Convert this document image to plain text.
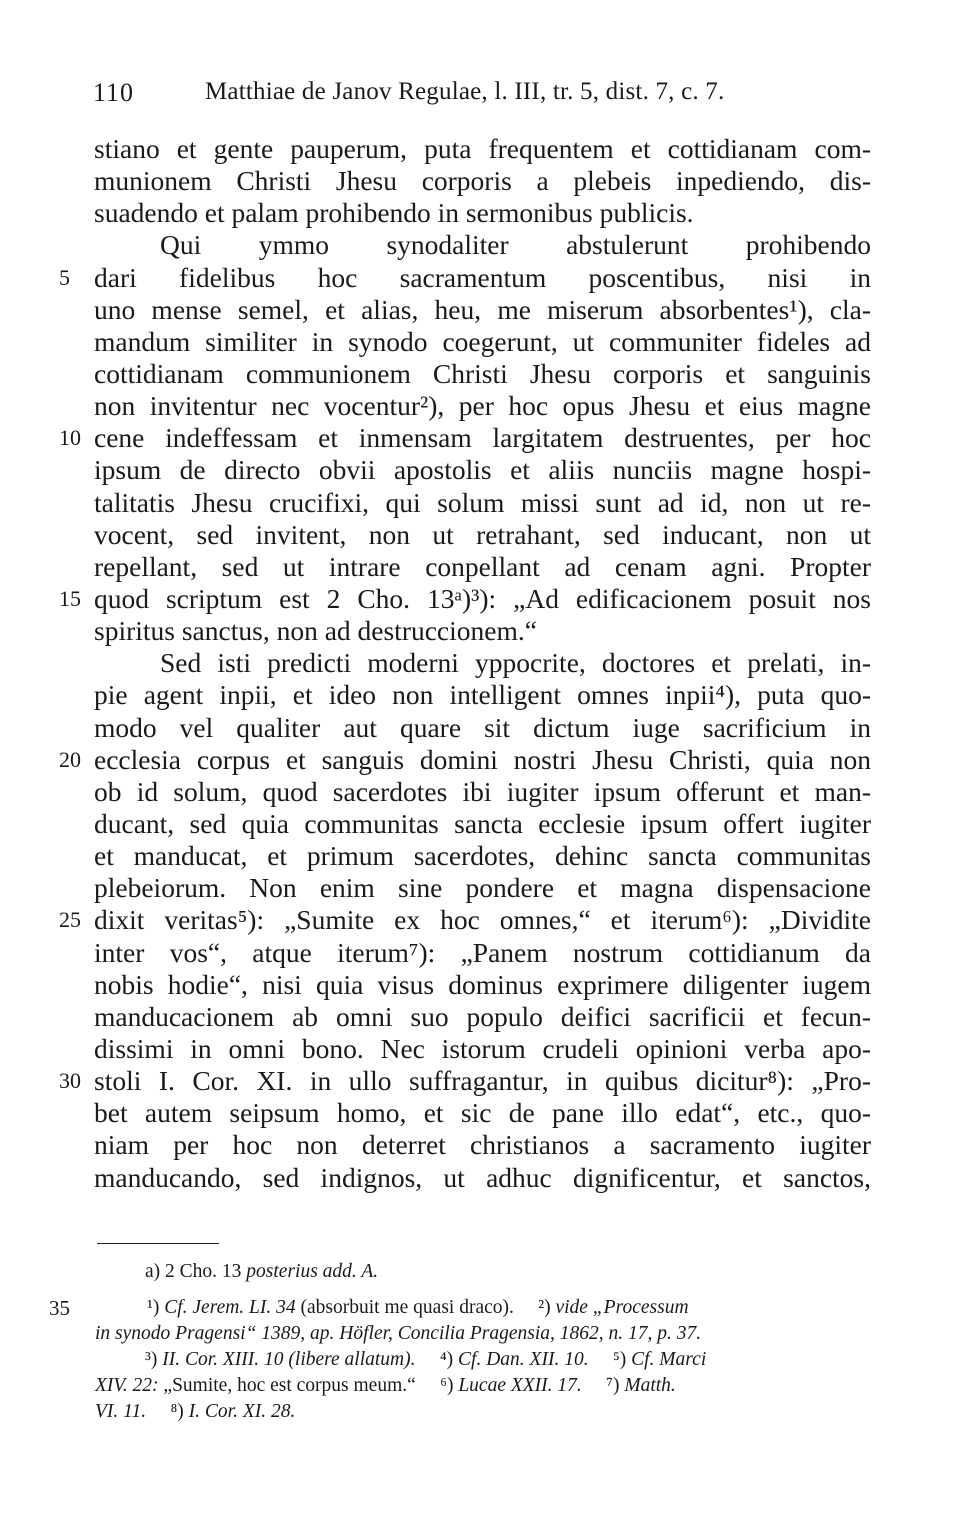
110	Matthiae de Janov Regulae, l. III, tr. 5, dist. 7, c. 7.
stiano et gente pauperum, puta frequentem et cottidianam com-
munionem Christi Jhesu corporis a plebeis inpediendo, dis-
suadendo et palam prohibendo in sermonibus publicis.
Qui ymmo synodaliter abstulerunt prohibendo
5 dari fidelibus hoc sacramentum poscentibus, nisi in
uno mense semel, et alias, heu, me miserum absorbentes¹), cla-
mandum similiter in synodo coegerunt, ut communiter fideles ad
cottidianam communionem Christi Jhesu corporis et sanguinis
non invitentur nec vocentur²), per hoc opus Jhesu et eius magne
10 cene indeffessam et inmensam largitatem destruentes, per hoc
ipsum de directo obvii apostolis et aliis nunciis magne hospi-
talitatis Jhesu crucifixi, qui solum missi sunt ad id, non ut re-
vocent, sed invitent, non ut retrahant, sed inducant, non ut
repellant, sed ut intrare conpellant ad cenam agni. Propter
15 quod scriptum est 2 Cho. 13ᵃ)³): „Ad edificacionem posuit nos
spiritus sanctus, non ad destruccionem.“
Sed isti predicti moderni yppocrite, doctores et prelati, in-
pie agent inpii, et ideo non intelligent omnes inpii⁴), puta quo-
modo vel qualiter aut quare sit dictum iuge sacrificium in
20 ecclesia corpus et sanguis domini nostri Jhesu Christi, quia non
ob id solum, quod sacerdotes ibi iugiter ipsum offerunt et man-
ducant, sed quia communitas sancta ecclesie ipsum offert iugiter
et manducat, et primum sacerdotes, dehinc sancta communitas
plebeiorum. Non enim sine pondere et magna dispensacione
25 dixit veritas⁵): „Sumite ex hoc omnes,“ et iterum⁶): „Dividite
inter vos“, atque iterum⁷): „Panem nostrum cottidianum da
nobis hodie“, nisi quia visus dominus exprimere diligenter iugem
manducacionem ab omni suo populo deifici sacrificii et fecun-
dissimi in omni bono. Nec istorum crudeli opinioni verba apo-
30 stoli I. Cor. XI. in ullo suffragantur, in quibus dicitur⁸): „Pro-
bet autem seipsum homo, et sic de pane illo edat“, etc., quo-
niam per hoc non deterret christianos a sacramento iugiter
manducando, sed indignos, ut adhuc dignificentur, et sanctos,
a) 2 Cho. 13 posterius add. A.
35	¹) Cf. Jerem. LI. 34 (absorbuit me quasi draco). ²) vide „Processum
in synodo Pragensi“ 1389, ap. Höfler, Concilia Pragensia, 1862, n. 17, p. 37.
³) II. Cor. XIII. 10 (libere allatum). ⁴) Cf. Dan. XII. 10. ⁵) Cf. Marci
XIV. 22: „Sumite, hoc est corpus meum.“ ⁶) Lucae XXII. 17. ⁷) Matth.
VI. 11. ⁸) I. Cor. XI. 28.
